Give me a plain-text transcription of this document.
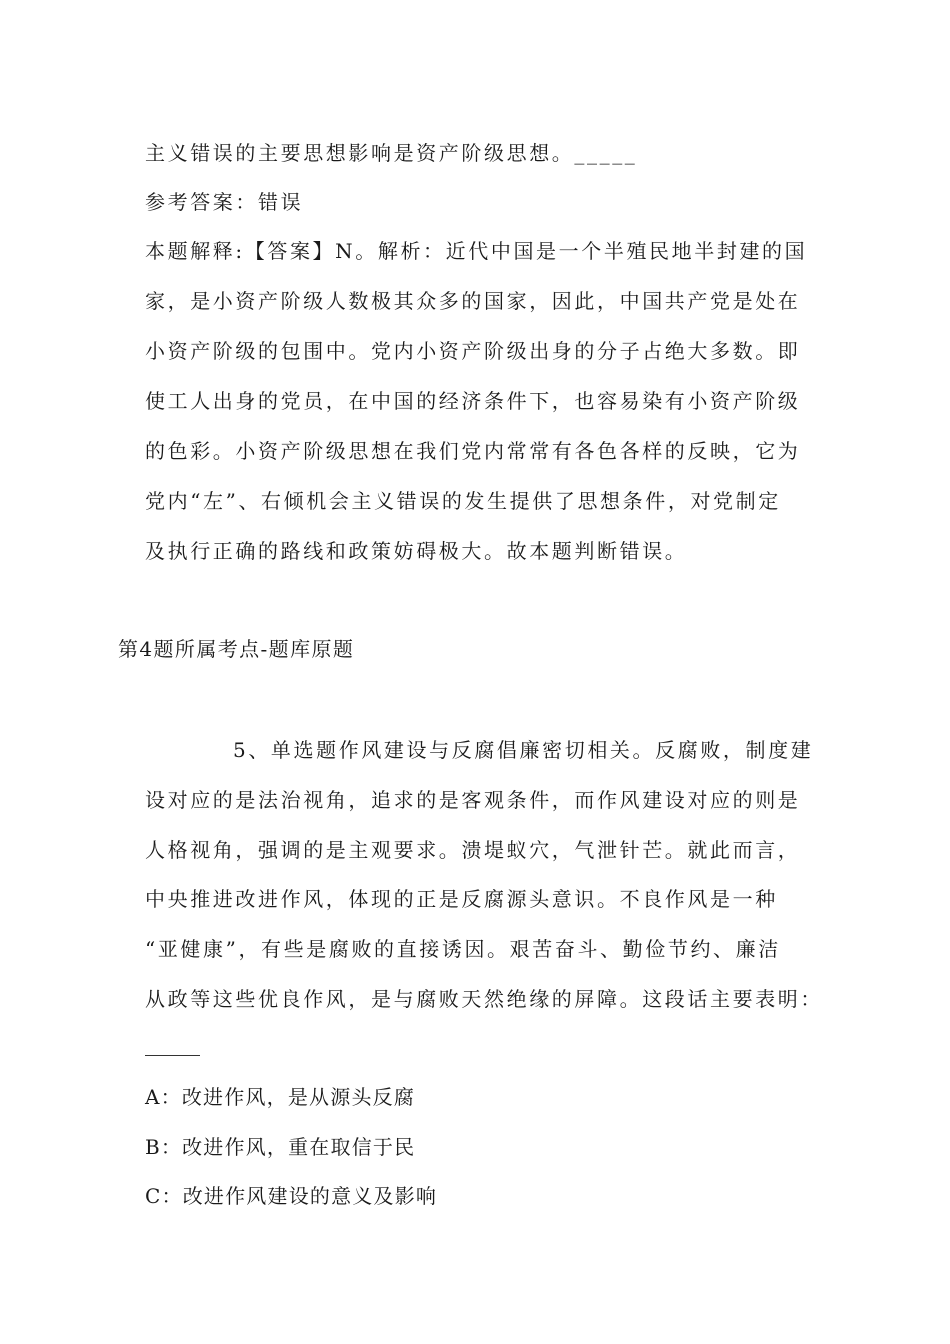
主义错误的主要思想影响是资产阶级思想。_____
参考答案：错误
本题解释:【答案】N。解析：近代中国是一个半殖民地半封建的国
家，是小资产阶级人数极其众多的国家，因此，中国共产党是处在
小资产阶级的包围中。党内小资产阶级出身的分子占绝大多数。即
使工人出身的党员，在中国的经济条件下，也容易染有小资产阶级
的色彩。小资产阶级思想在我们党内常常有各色各样的反映，它为
党内“左”、右倾机会主义错误的发生提供了思想条件，对党制定
及执行正确的路线和政策妨碍极大。故本题判断错误。
第4题所属考点-题库原题
5、单选题作风建设与反腐倡廉密切相关。反腐败，制度建
设对应的是法治视角，追求的是客观条件，而作风建设对应的则是
人格视角，强调的是主观要求。溃堤蚁穴，气泄针芒。就此而言，
中央推进改进作风，体现的正是反腐源头意识。不良作风是一种
“亚健康”，有些是腐败的直接诱因。艰苦奋斗、勤俭节约、廉洁
从政等这些优良作风，是与腐败天然绝缘的屏障。这段话主要表明：
A：改进作风，是从源头反腐
B：改进作风，重在取信于民
C：改进作风建设的意义及影响
